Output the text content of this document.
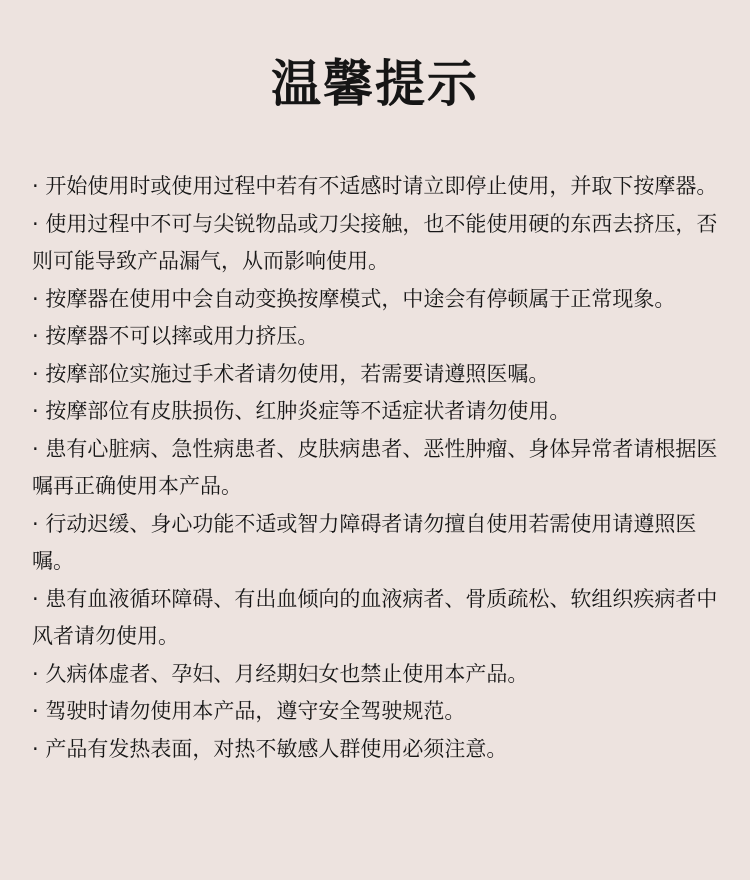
温馨提示
· 开始使用时或使用过程中若有不适感时请立即停止使用，并取下按摩器。
· 使用过程中不可与尖锐物品或刀尖接触，也不能使用硬的东西去挤压，否则可能导致产品漏气，从而影响使用。
· 按摩器在使用中会自动变换按摩模式，中途会有停顿属于正常现象。
· 按摩器不可以摔或用力挤压。
· 按摩部位实施过手术者请勿使用，若需要请遵照医嘱。
· 按摩部位有皮肤损伤、红肿炎症等不适症状者请勿使用。
· 患有心脏病、急性病患者、皮肤病患者、恶性肿瘤、身体异常者请根据医嘱再正确使用本产品。
· 行动迟缓、身心功能不适或智力障碍者请勿擅自使用若需使用请遵照医嘱。
· 患有血液循环障碍、有出血倾向的血液病者、骨质疏松、软组织疾病者中风者请勿使用。
· 久病体虚者、孕妇、月经期妇女也禁止使用本产品。
· 驾驶时请勿使用本产品，遵守安全驾驶规范。
· 产品有发热表面，对热不敏感人群使用必须注意。
